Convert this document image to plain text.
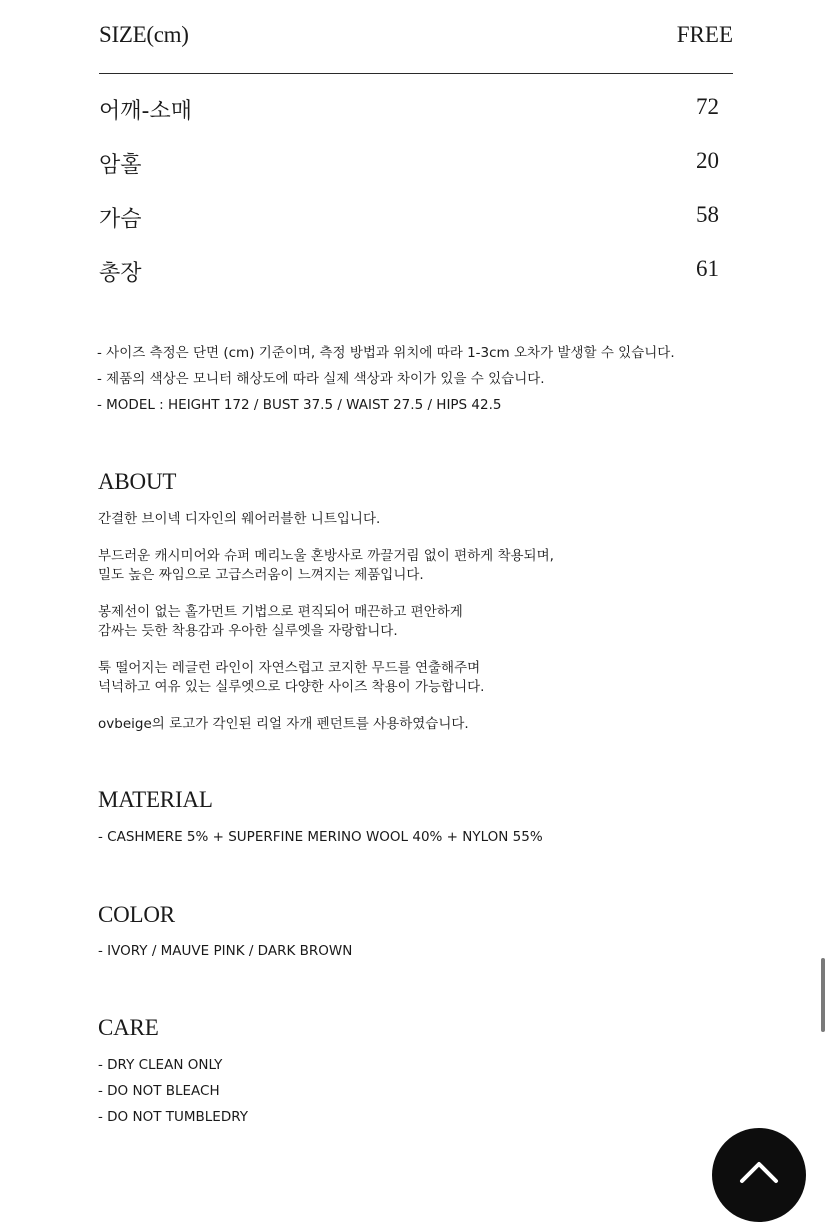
SIZE(cm)	FREE
어깨-소매	72
암홀	20
가슴	58
총장	61
- 사이즈 측정은 단면 (cm) 기준이며, 측정 방법과 위치에 따라 1-3cm 오차가 발생할 수 있습니다.
- 제품의 색상은 모니터 해상도에 따라 실제 색상과 차이가 있을 수 있습니다.
- MODEL : HEIGHT 172 / BUST 37.5 / WAIST 27.5 / HIPS 42.5
ABOUT

간결한 브이넥 디자인의 웨어러블한 니트입니다.

부드러운 캐시미어와 슈퍼 메리노울 혼방사로 까끌거림 없이 편하게 착용되며,
밀도 높은 짜임으로 고급스러움이 느껴지는 제품입니다.

봉제선이 없는 홀가먼트 기법으로 편직되어 매끈하고 편안하게
감싸는 듯한 착용감과 우아한 실루엣을 자랑합니다.

툭 떨어지는 레글런 라인이 자연스럽고 코지한 무드를 연출해주며
넉넉하고 여유 있는 실루엣으로 다양한 사이즈 착용이 가능합니다.

ovbeige의 로고가 각인된 리얼 자개 펜던트를 사용하였습니다.

MATERIAL
- CASHMERE 5% + SUPERFINE MERINO WOOL 40% + NYLON 55%
COLOR
- IVORY / MAUVE PINK / DARK BROWN
CARE
- DRY CLEAN ONLY
- DO NOT BLEACH
- DO NOT TUMBLEDRY
